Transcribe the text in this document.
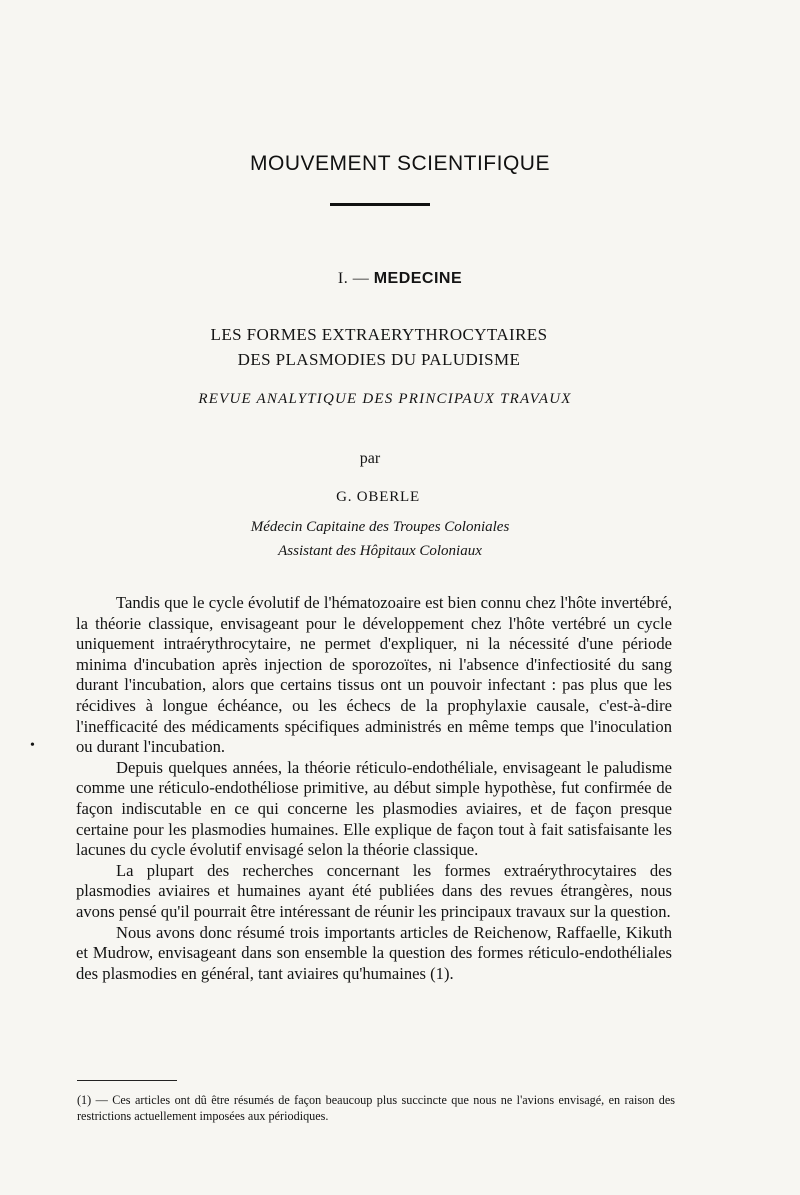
MOUVEMENT SCIENTIFIQUE
I. — MEDECINE
LES FORMES EXTRAERYTHROCYTAIRES
DES PLASMODIES DU PALUDISME
REVUE ANALYTIQUE DES PRINCIPAUX TRAVAUX
par
G. OBERLE
Médecin Capitaine des Troupes Coloniales
Assistant des Hôpitaux Coloniaux
•

Tandis que le cycle évolutif de l'hématozoaire est bien connu chez l'hôte invertébré, la théorie classique, envisageant pour le développement chez l'hôte vertébré un cycle uniquement intraérythrocytaire, ne permet d'expliquer, ni la nécessité d'une période minima d'incubation après injection de sporozoïtes, ni l'absence d'infectiosité du sang durant l'incubation, alors que certains tissus ont un pouvoir infectant : pas plus que les récidives à longue échéance, ou les échecs de la prophylaxie causale, c'est-à-dire l'inefficacité des médicaments spécifiques administrés en même temps que l'inoculation ou durant l'incubation.

Depuis quelques années, la théorie réticulo-endothéliale, envisageant le paludisme comme une réticulo-endothéliose primitive, au début simple hypothèse, fut confirmée de façon indiscutable en ce qui concerne les plasmodies aviaires, et de façon presque certaine pour les plasmodies humaines. Elle explique de façon tout à fait satisfaisante les lacunes du cycle évolutif envisagé selon la théorie classique.

La plupart des recherches concernant les formes extraérythrocytaires des plasmodies aviaires et humaines ayant été publiées dans des revues étrangères, nous avons pensé qu'il pourrait être intéressant de réunir les principaux travaux sur la question.

Nous avons donc résumé trois importants articles de Reichenow, Raffaelle, Kikuth et Mudrow, envisageant dans son ensemble la question des formes réticulo-endothéliales des plasmodies en général, tant aviaires qu'humaines (1).

(1) — Ces articles ont dû être résumés de façon beaucoup plus succincte que nous ne l'avions envisagé, en raison des restrictions actuellement imposées aux périodiques.
